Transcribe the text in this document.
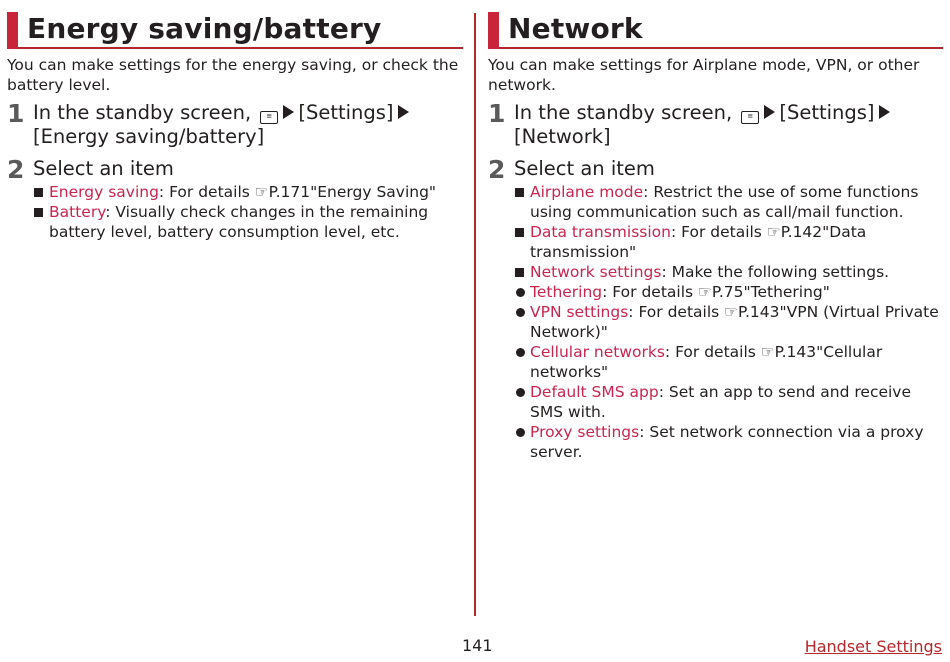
Energy saving/battery

You can make settings for the energy saving, or check the battery level.

1 In the standby screen, ≡ [Settings]
[Energy saving/battery]
2 Select an item
Energy saving: For details ☞P.171"Energy Saving"
Battery: Visually check changes in the remaining battery level, battery consumption level, etc.
Network

You can make settings for Airplane mode, VPN, or other network.

1 In the standby screen, ≡ [Settings]
[Network]
2 Select an item
Airplane mode: Restrict the use of some functions using communication such as call/mail function.
Data transmission: For details ☞P.142"Data transmission"
Network settings: Make the following settings.
Tethering: For details ☞P.75"Tethering"
VPN settings: For details ☞P.143"VPN (Virtual Private Network)"
Cellular networks: For details ☞P.143"Cellular networks"
Default SMS app: Set an app to send and receive SMS with.
Proxy settings: Set network connection via a proxy server.
141	Handset Settings
